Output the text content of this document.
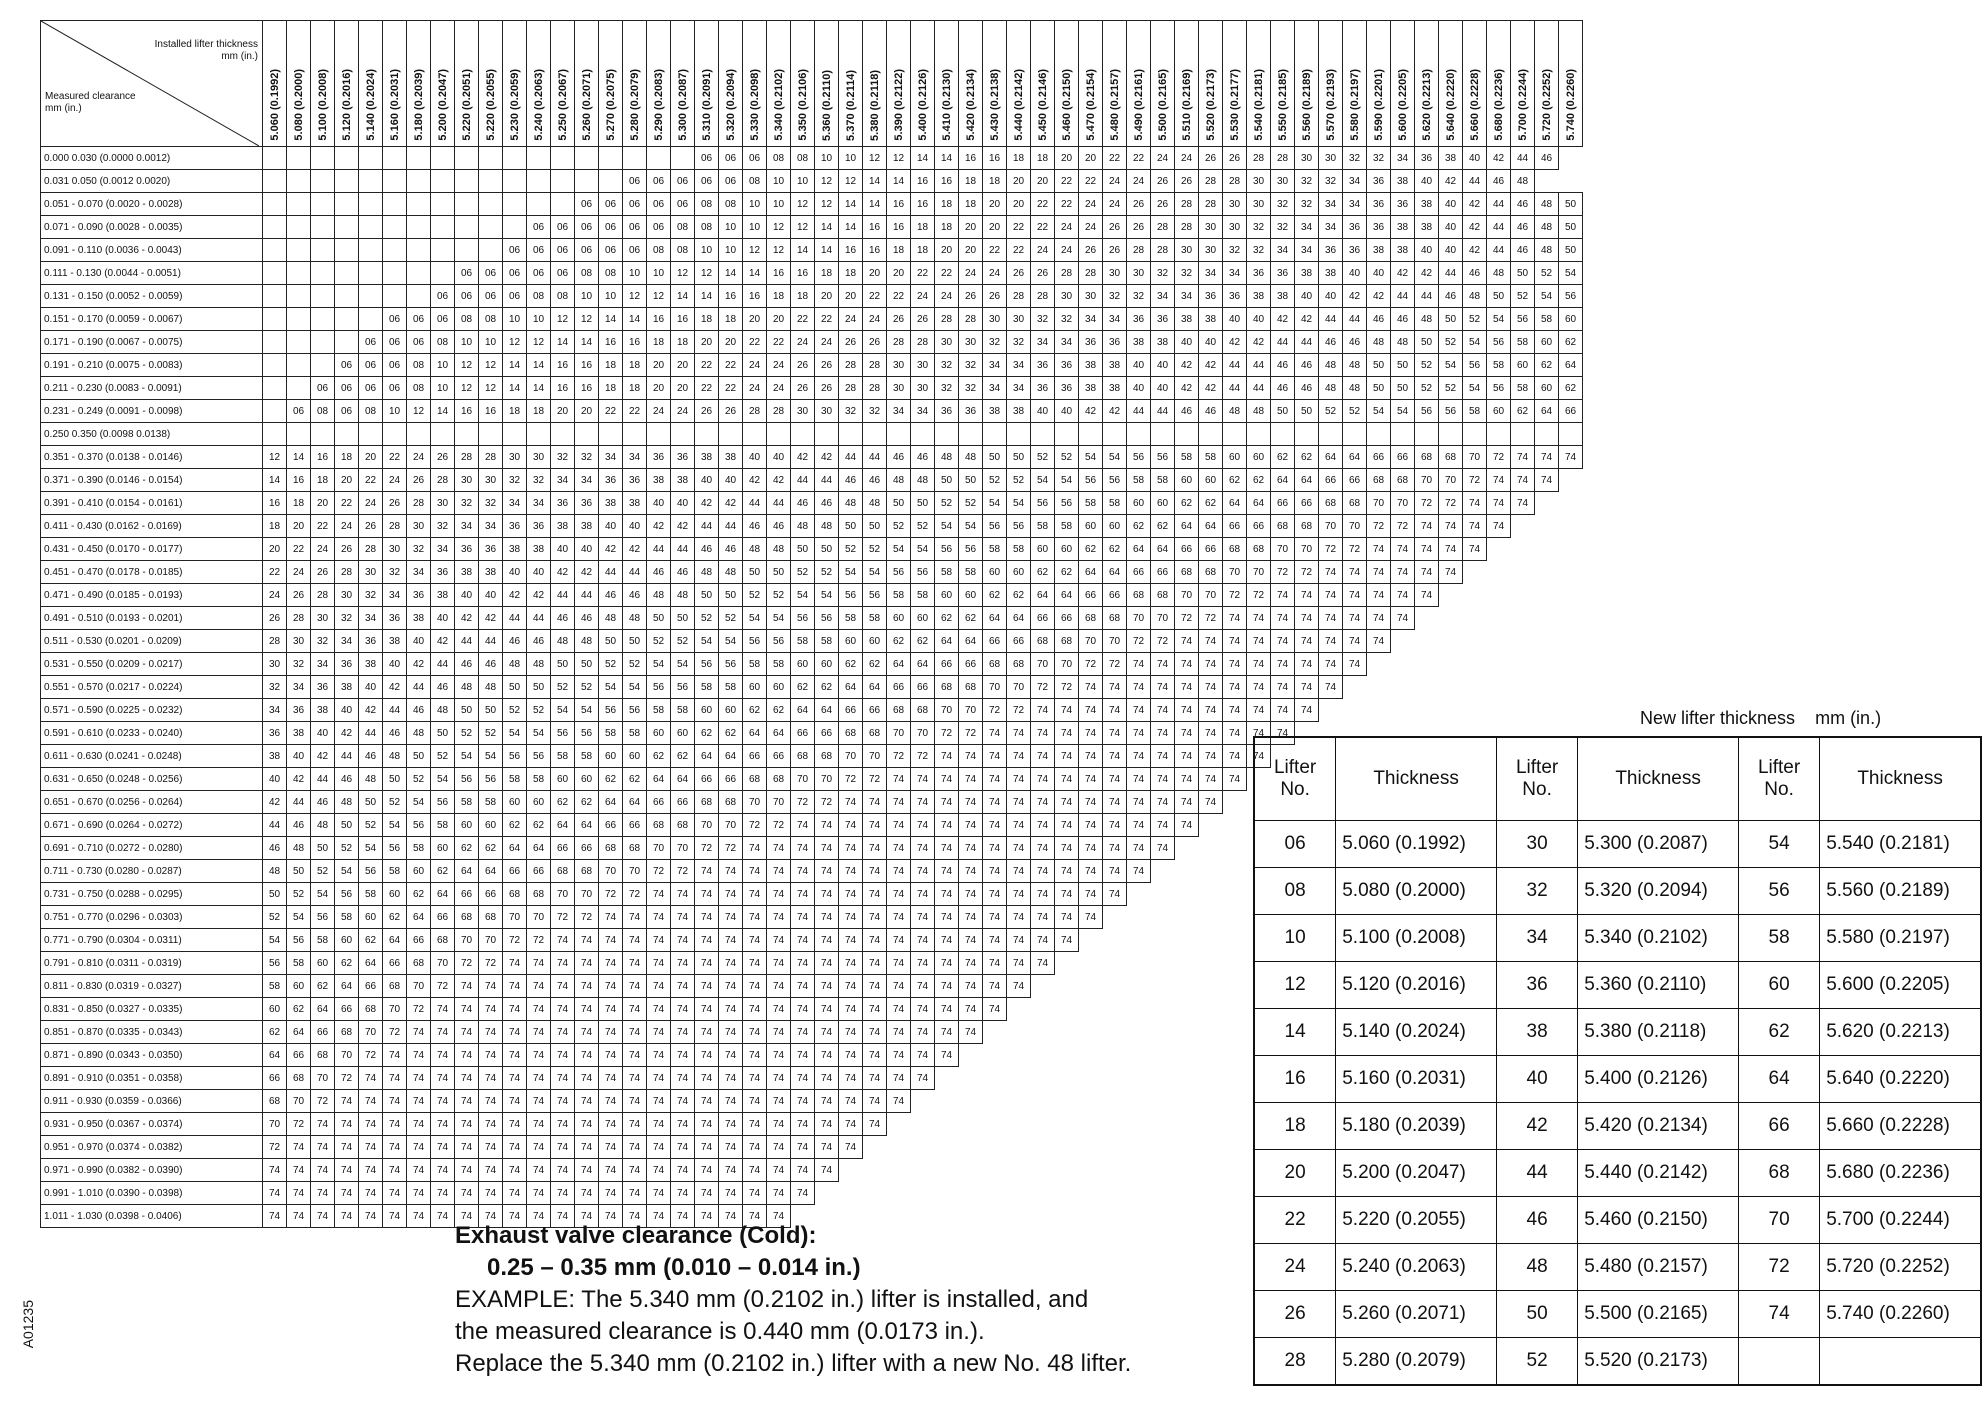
Installed lifter thickness
mm (in.)
Measured clearance
mm (in.)	5.060 (0.1992)	5.080 (0.2000)	5.100 (0.2008)	5.120 (0.2016)	5.140 (0.2024)	5.160 (0.2031)	5.180 (0.2039)	5.200 (0.2047)	5.220 (0.2051)	5.220 (0.2055)	5.230 (0.2059)	5.240 (0.2063)	5.250 (0.2067)	5.260 (0.2071)	5.270 (0.2075)	5.280 (0.2079)	5.290 (0.2083)	5.300 (0.2087)	5.310 (0.2091)	5.320 (0.2094)	5.330 (0.2098)	5.340 (0.2102)	5.350 (0.2106)	5.360 (0.2110)	5.370 (0.2114)	5.380 (0.2118)	5.390 (0.2122)	5.400 (0.2126)	5.410 (0.2130)	5.420 (0.2134)	5.430 (0.2138)	5.440 (0.2142)	5.450 (0.2146)	5.460 (0.2150)	5.470 (0.2154)	5.480 (0.2157)	5.490 (0.2161)	5.500 (0.2165)	5.510 (0.2169)	5.520 (0.2173)	5.530 (0.2177)	5.540 (0.2181)	5.550 (0.2185)	5.560 (0.2189)	5.570 (0.2193)	5.580 (0.2197)	5.590 (0.2201)	5.600 (0.2205)	5.620 (0.2213)	5.640 (0.2220)	5.660 (0.2228)	5.680 (0.2236)	5.700 (0.2244)	5.720 (0.2252)	5.740 (0.2260)
0.000 0.030 (0.0000 0.0012)																			06	06	06	08	08	10	10	12	12	14	14	16	16	18	18	20	20	22	22	24	24	26	26	28	28	30	30	32	32	34	36	38	40	42	44	46	
0.031 0.050 (0.0012 0.0020)																06	06	06	06	06	08	10	10	12	12	14	14	16	16	18	18	20	20	22	22	24	24	26	26	28	28	30	30	32	32	34	36	38	40	42	44	46	48		
0.051 - 0.070 (0.0020 - 0.0028)														06	06	06	06	06	08	08	10	10	12	12	14	14	16	16	18	18	20	20	22	22	24	24	26	26	28	28	30	30	32	32	34	34	36	36	38	40	42	44	46	48	50
0.071 - 0.090 (0.0028 - 0.0035)												06	06	06	06	06	06	08	08	10	10	12	12	14	14	16	16	18	18	20	20	22	22	24	24	26	26	28	28	30	30	32	32	34	34	36	36	38	38	40	42	44	46	48	50
0.091 - 0.110 (0.0036 - 0.0043)											06	06	06	06	06	06	08	08	10	10	12	12	14	14	16	16	18	18	20	20	22	22	24	24	26	26	28	28	30	30	32	32	34	34	36	36	38	38	40	40	42	44	46	48	50
0.111 - 0.130 (0.0044 - 0.0051)									06	06	06	06	06	08	08	10	10	12	12	14	14	16	16	18	18	20	20	22	22	24	24	26	26	28	28	30	30	32	32	34	34	36	36	38	38	40	40	42	42	44	46	48	50	52	54
0.131 - 0.150 (0.0052 - 0.0059)								06	06	06	06	08	08	10	10	12	12	14	14	16	16	18	18	20	20	22	22	24	24	26	26	28	28	30	30	32	32	34	34	36	36	38	38	40	40	42	42	44	44	46	48	50	52	54	56
0.151 - 0.170 (0.0059 - 0.0067)						06	06	06	08	08	10	10	12	12	14	14	16	16	18	18	20	20	22	22	24	24	26	26	28	28	30	30	32	32	34	34	36	36	38	38	40	40	42	42	44	44	46	46	48	50	52	54	56	58	60
0.171 - 0.190 (0.0067 - 0.0075)					06	06	06	08	10	10	12	12	14	14	16	16	18	18	20	20	22	22	24	24	26	26	28	28	30	30	32	32	34	34	36	36	38	38	40	40	42	42	44	44	46	46	48	48	50	52	54	56	58	60	62
0.191 - 0.210 (0.0075 - 0.0083)				06	06	06	08	10	12	12	14	14	16	16	18	18	20	20	22	22	24	24	26	26	28	28	30	30	32	32	34	34	36	36	38	38	40	40	42	42	44	44	46	46	48	48	50	50	52	54	56	58	60	62	64
0.211 - 0.230 (0.0083 - 0.0091)			06	06	06	06	08	10	12	12	14	14	16	16	18	18	20	20	22	22	24	24	26	26	28	28	30	30	32	32	34	34	36	36	38	38	40	40	42	42	44	44	46	46	48	48	50	50	52	52	54	56	58	60	62
0.231 - 0.249 (0.0091 - 0.0098)		06	08	06	08	10	12	14	16	16	18	18	20	20	22	22	24	24	26	26	28	28	30	30	32	32	34	34	36	36	38	38	40	40	42	42	44	44	46	46	48	48	50	50	52	52	54	54	56	56	58	60	62	64	66
0.250 0.350 (0.0098 0.0138)																																																							
0.351 - 0.370 (0.0138 - 0.0146)	12	14	16	18	20	22	24	26	28	28	30	30	32	32	34	34	36	36	38	38	40	40	42	42	44	44	46	46	48	48	50	50	52	52	54	54	56	56	58	58	60	60	62	62	64	64	66	66	68	68	70	72	74	74	74
0.371 - 0.390 (0.0146 - 0.0154)	14	16	18	20	22	24	26	28	30	30	32	32	34	34	36	36	38	38	40	40	42	42	44	44	46	46	48	48	50	50	52	52	54	54	56	56	58	58	60	60	62	62	64	64	66	66	68	68	70	70	72	74	74	74	
0.391 - 0.410 (0.0154 - 0.0161)	16	18	20	22	24	26	28	30	32	32	34	34	36	36	38	38	40	40	42	42	44	44	46	46	48	48	50	50	52	52	54	54	56	56	58	58	60	60	62	62	64	64	66	66	68	68	70	70	72	72	74	74	74		
0.411 - 0.430 (0.0162 - 0.0169)	18	20	22	24	26	28	30	32	34	34	36	36	38	38	40	40	42	42	44	44	46	46	48	48	50	50	52	52	54	54	56	56	58	58	60	60	62	62	64	64	66	66	68	68	70	70	72	72	74	74	74	74			
0.431 - 0.450 (0.0170 - 0.0177)	20	22	24	26	28	30	32	34	36	36	38	38	40	40	42	42	44	44	46	46	48	48	50	50	52	52	54	54	56	56	58	58	60	60	62	62	64	64	66	66	68	68	70	70	72	72	74	74	74	74	74				
0.451 - 0.470 (0.0178 - 0.0185)	22	24	26	28	30	32	34	36	38	38	40	40	42	42	44	44	46	46	48	48	50	50	52	52	54	54	56	56	58	58	60	60	62	62	64	64	66	66	68	68	70	70	72	72	74	74	74	74	74	74					
0.471 - 0.490 (0.0185 - 0.0193)	24	26	28	30	32	34	36	38	40	40	42	42	44	44	46	46	48	48	50	50	52	52	54	54	56	56	58	58	60	60	62	62	64	64	66	66	68	68	70	70	72	72	74	74	74	74	74	74	74						
0.491 - 0.510 (0.0193 - 0.0201)	26	28	30	32	34	36	38	40	42	42	44	44	46	46	48	48	50	50	52	52	54	54	56	56	58	58	60	60	62	62	64	64	66	66	68	68	70	70	72	72	74	74	74	74	74	74	74	74							
0.511 - 0.530 (0.0201 - 0.0209)	28	30	32	34	36	38	40	42	44	44	46	46	48	48	50	50	52	52	54	54	56	56	58	58	60	60	62	62	64	64	66	66	68	68	70	70	72	72	74	74	74	74	74	74	74	74	74								
0.531 - 0.550 (0.0209 - 0.0217)	30	32	34	36	38	40	42	44	46	46	48	48	50	50	52	52	54	54	56	56	58	58	60	60	62	62	64	64	66	66	68	68	70	70	72	72	74	74	74	74	74	74	74	74	74	74									
0.551 - 0.570 (0.0217 - 0.0224)	32	34	36	38	40	42	44	46	48	48	50	50	52	52	54	54	56	56	58	58	60	60	62	62	64	64	66	66	68	68	70	70	72	72	74	74	74	74	74	74	74	74	74	74	74										
0.571 - 0.590 (0.0225 - 0.0232)	34	36	38	40	42	44	46	48	50	50	52	52	54	54	56	56	58	58	60	60	62	62	64	64	66	66	68	68	70	70	72	72	74	74	74	74	74	74	74	74	74	74	74	74											
0.591 - 0.610 (0.0233 - 0.0240)	36	38	40	42	44	46	48	50	52	52	54	54	56	56	58	58	60	60	62	62	64	64	66	66	68	68	70	70	72	72	74	74	74	74	74	74	74	74	74	74	74	74	74												
0.611 - 0.630 (0.0241 - 0.0248)	38	40	42	44	46	48	50	52	54	54	56	56	58	58	60	60	62	62	64	64	66	66	68	68	70	70	72	72	74	74	74	74	74	74	74	74	74	74	74	74	74	74													
0.631 - 0.650 (0.0248 - 0.0256)	40	42	44	46	48	50	52	54	56	56	58	58	60	60	62	62	64	64	66	66	68	68	70	70	72	72	74	74	74	74	74	74	74	74	74	74	74	74	74	74	74														
0.651 - 0.670 (0.0256 - 0.0264)	42	44	46	48	50	52	54	56	58	58	60	60	62	62	64	64	66	66	68	68	70	70	72	72	74	74	74	74	74	74	74	74	74	74	74	74	74	74	74	74															
0.671 - 0.690 (0.0264 - 0.0272)	44	46	48	50	52	54	56	58	60	60	62	62	64	64	66	66	68	68	70	70	72	72	74	74	74	74	74	74	74	74	74	74	74	74	74	74	74	74	74																
0.691 - 0.710 (0.0272 - 0.0280)	46	48	50	52	54	56	58	60	62	62	64	64	66	66	68	68	70	70	72	72	74	74	74	74	74	74	74	74	74	74	74	74	74	74	74	74	74	74																	
0.711 - 0.730 (0.0280 - 0.0287)	48	50	52	54	56	58	60	62	64	64	66	66	68	68	70	70	72	72	74	74	74	74	74	74	74	74	74	74	74	74	74	74	74	74	74	74	74																		
0.731 - 0.750 (0.0288 - 0.0295)	50	52	54	56	58	60	62	64	66	66	68	68	70	70	72	72	74	74	74	74	74	74	74	74	74	74	74	74	74	74	74	74	74	74	74	74																			
0.751 - 0.770 (0.0296 - 0.0303)	52	54	56	58	60	62	64	66	68	68	70	70	72	72	74	74	74	74	74	74	74	74	74	74	74	74	74	74	74	74	74	74	74	74	74																				
0.771 - 0.790 (0.0304 - 0.0311)	54	56	58	60	62	64	66	68	70	70	72	72	74	74	74	74	74	74	74	74	74	74	74	74	74	74	74	74	74	74	74	74	74	74																					
0.791 - 0.810 (0.0311 - 0.0319)	56	58	60	62	64	66	68	70	72	72	74	74	74	74	74	74	74	74	74	74	74	74	74	74	74	74	74	74	74	74	74	74	74																						
0.811 - 0.830 (0.0319 - 0.0327)	58	60	62	64	66	68	70	72	74	74	74	74	74	74	74	74	74	74	74	74	74	74	74	74	74	74	74	74	74	74	74	74																							
0.831 - 0.850 (0.0327 - 0.0335)	60	62	64	66	68	70	72	74	74	74	74	74	74	74	74	74	74	74	74	74	74	74	74	74	74	74	74	74	74	74	74																								
0.851 - 0.870 (0.0335 - 0.0343)	62	64	66	68	70	72	74	74	74	74	74	74	74	74	74	74	74	74	74	74	74	74	74	74	74	74	74	74	74	74																									
0.871 - 0.890 (0.0343 - 0.0350)	64	66	68	70	72	74	74	74	74	74	74	74	74	74	74	74	74	74	74	74	74	74	74	74	74	74	74	74	74																										
0.891 - 0.910 (0.0351 - 0.0358)	66	68	70	72	74	74	74	74	74	74	74	74	74	74	74	74	74	74	74	74	74	74	74	74	74	74	74	74																											
0.911 - 0.930 (0.0359 - 0.0366)	68	70	72	74	74	74	74	74	74	74	74	74	74	74	74	74	74	74	74	74	74	74	74	74	74	74	74																												
0.931 - 0.950 (0.0367 - 0.0374)	70	72	74	74	74	74	74	74	74	74	74	74	74	74	74	74	74	74	74	74	74	74	74	74	74	74																													
0.951 - 0.970 (0.0374 - 0.0382)	72	74	74	74	74	74	74	74	74	74	74	74	74	74	74	74	74	74	74	74	74	74	74	74	74																														
0.971 - 0.990 (0.0382 - 0.0390)	74	74	74	74	74	74	74	74	74	74	74	74	74	74	74	74	74	74	74	74	74	74	74	74																															
0.991 - 1.010 (0.0390 - 0.0398)	74	74	74	74	74	74	74	74	74	74	74	74	74	74	74	74	74	74	74	74	74	74	74																																
1.011 - 1.030 (0.0398 - 0.0406)	74	74	74	74	74	74	74	74	74	74	74	74	74	74	74	74	74	74	74	74	74	74																																	
New lifter thickness mm (in.)
Lifter No.	Thickness	Lifter No.	Thickness	Lifter No.	Thickness
06	5.060 (0.1992)	30	5.300 (0.2087)	54	5.540 (0.2181)
08	5.080 (0.2000)	32	5.320 (0.2094)	56	5.560 (0.2189)
10	5.100 (0.2008)	34	5.340 (0.2102)	58	5.580 (0.2197)
12	5.120 (0.2016)	36	5.360 (0.2110)	60	5.600 (0.2205)
14	5.140 (0.2024)	38	5.380 (0.2118)	62	5.620 (0.2213)
16	5.160 (0.2031)	40	5.400 (0.2126)	64	5.640 (0.2220)
18	5.180 (0.2039)	42	5.420 (0.2134)	66	5.660 (0.2228)
20	5.200 (0.2047)	44	5.440 (0.2142)	68	5.680 (0.2236)
22	5.220 (0.2055)	46	5.460 (0.2150)	70	5.700 (0.2244)
24	5.240 (0.2063)	48	5.480 (0.2157)	72	5.720 (0.2252)
26	5.260 (0.2071)	50	5.500 (0.2165)	74	5.740 (0.2260)
28	5.280 (0.2079)	52	5.520 (0.2173)		
Exhaust valve clearance (Cold):
0.25 – 0.35 mm (0.010 – 0.014 in.)
EXAMPLE: The 5.340 mm (0.2102 in.) lifter is installed, and
the measured clearance is 0.440 mm (0.0173 in.).
Replace the 5.340 mm (0.2102 in.) lifter with a new No. 48 lifter.
A01235
